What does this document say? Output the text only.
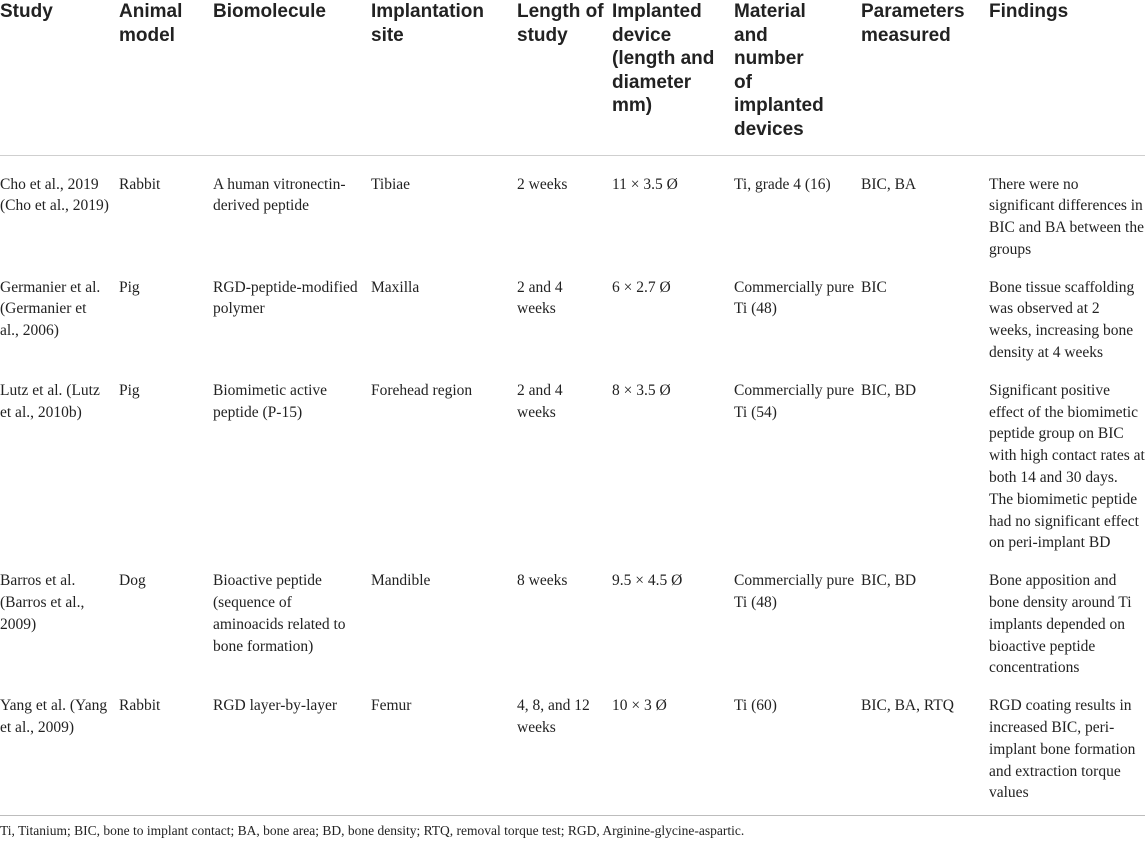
Study	Animal model	Biomolecule	Implantation site	Length of study	Implanted device (length and diameter mm)	Material and number of implanted devices	Parameters measured	Findings
Cho et al., 2019 (Cho et al., 2019)	Rabbit	A human vitronectin-derived peptide	Tibiae	2 weeks	11 × 3.5 Ø	Ti, grade 4 (16)	BIC, BA	There were no significant differences in BIC and BA between the groups
Germanier et al. (Germanier et al., 2006)	Pig	RGD-peptide-modified polymer	Maxilla	2 and 4 weeks	6 × 2.7 Ø	Commercially pure Ti (48)	BIC	Bone tissue scaffolding was observed at 2 weeks, increasing bone density at 4 weeks
Lutz et al. (Lutz et al., 2010b)	Pig	Biomimetic active peptide (P-15)	Forehead region	2 and 4 weeks	8 × 3.5 Ø	Commercially pure Ti (54)	BIC, BD	Significant positive effect of the biomimetic peptide group on BIC with high contact rates at both 14 and 30 days. The biomimetic peptide had no significant effect on peri-implant BD
Barros et al. (Barros et al., 2009)	Dog	Bioactive peptide (sequence of aminoacids related to bone formation)	Mandible	8 weeks	9.5 × 4.5 Ø	Commercially pure Ti (48)	BIC, BD	Bone apposition and bone density around Ti implants depended on bioactive peptide concentrations
Yang et al. (Yang et al., 2009)	Rabbit	RGD layer-by-layer	Femur	4, 8, and 12 weeks	10 × 3 Ø	Ti (60)	BIC, BA, RTQ	RGD coating results in increased BIC, peri-implant bone formation and extraction torque values
Ti, Titanium; BIC, bone to implant contact; BA, bone area; BD, bone density; RTQ, removal torque test; RGD, Arginine-glycine-aspartic.
